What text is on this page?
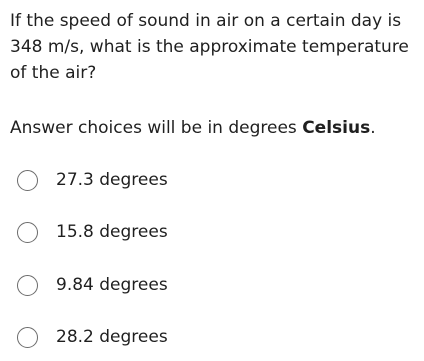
If the speed of sound in air on a certain day is 348 m/s, what is the approximate temperature of the air?

Answer choices will be in degrees Celsius.

27.3 degrees
15.8 degrees
9.84 degrees
28.2 degrees
